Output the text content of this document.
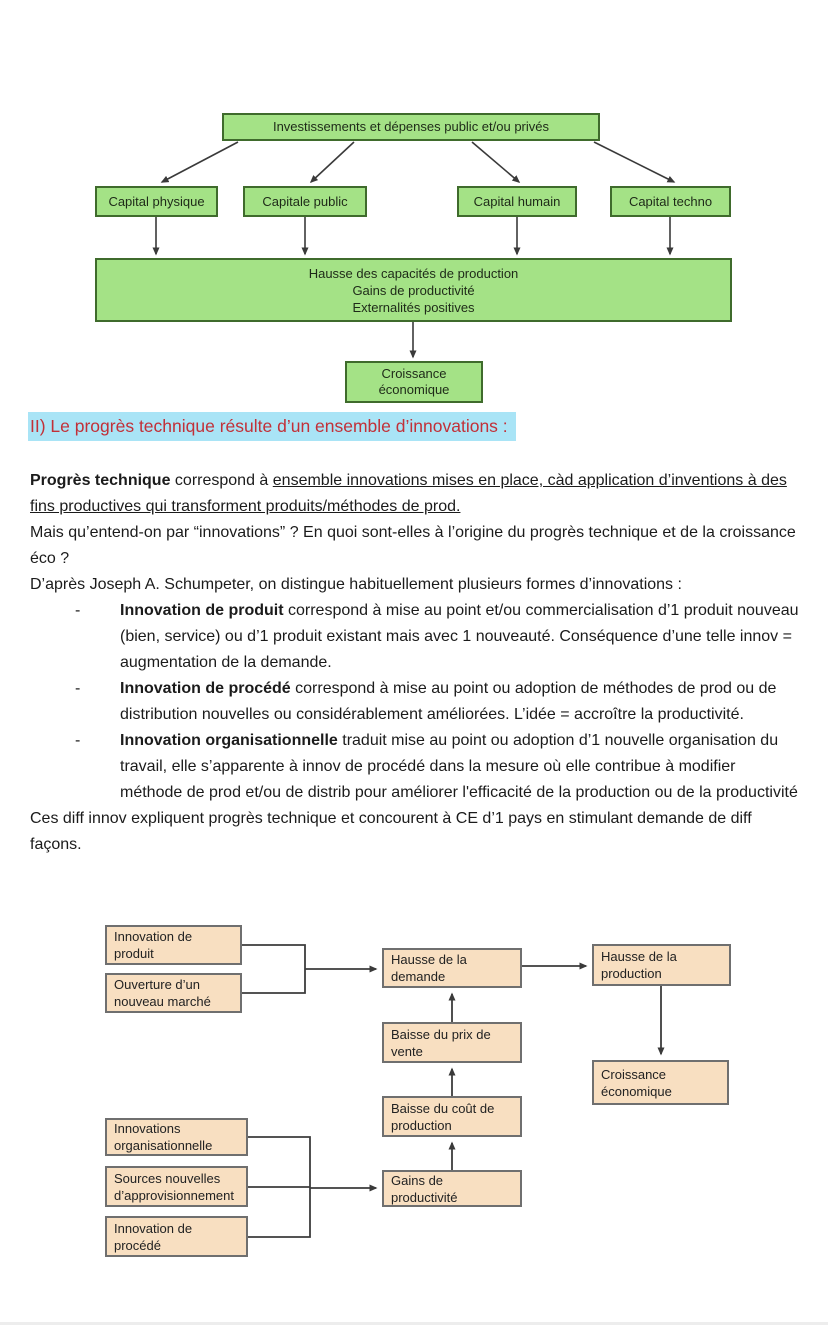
Investissements et dépenses public et/ou privés
Capital physique	Capitale public	Capital humain	Capital techno
Hausse des capacités de production
Gains de productivité
Externalités positives
Croissance économique
Innovation de produit
Ouverture d’un nouveau marché
Hausse de la demande
Hausse de la production
Baisse du prix de vente
Croissance économique
Baisse du coût de production
Gains de productivité
Innovations organisationnelle
Sources nouvelles d’approvisionnement
Innovation de procédé
II) Le progrès technique résulte d’un ensemble d’innovations :

Progrès technique correspond à ensemble innovations mises en place, càd application d’inventions à des fins productives qui transforment produits/méthodes de prod.

Mais qu’entend-on par “innovations” ? En quoi sont-elles à l’origine du progrès technique et de la croissance éco ?

D’après Joseph A. Schumpeter, on distingue habituellement plusieurs formes d’innovations :

-	Innovation de produit correspond à mise au point et/ou commercialisation d’1 produit nouveau (bien, service) ou d’1 produit existant mais avec 1 nouveauté. Conséquence d’une telle innov = augmentation de la demande.
-	Innovation de procédé correspond à mise au point ou adoption de méthodes de prod ou de distribution nouvelles ou considérablement améliorées. L’idée = accroître la productivité.
-	Innovation organisationnelle traduit mise au point ou adoption d’1 nouvelle organisation du travail, elle s’apparente à innov de procédé dans la mesure où elle contribue à modifier méthode de prod et/ou de distrib pour améliorer l'efficacité de la production ou de la productivité

Ces diff innov expliquent progrès technique et concourent à CE d’1 pays en stimulant demande de diff façons.
